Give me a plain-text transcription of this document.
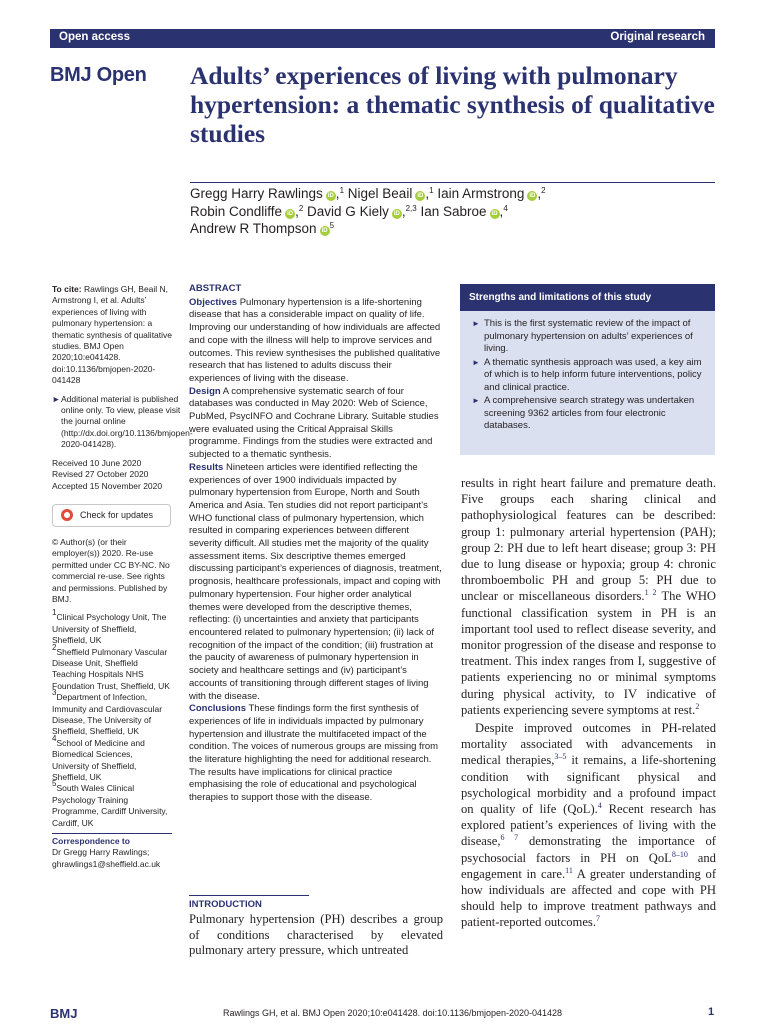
Open access	Original research
BMJ Open Adults’ experiences of living with pulmonary hypertension: a thematic synthesis of qualitative studies
Gregg Harry Rawlings iD ,$^1$ Nigel Beail iD ,$^1$ Iain Armstrong iD ,$^2$
Robin Condliffe iD ,$^2$ David G Kiely iD ,$^{2,3}$ Ian Sabroe iD ,$^4$
Andrew R Thompson $iD^5$

To cite: Rawlings GH, Beail N, Armstrong I, et al. Adults’ experiences of living with pulmonary hypertension: a thematic synthesis of qualitative studies. BMJ Open 2020;10:e041428. doi:10.1136/bmjopen-2020-041428

► Additional material is published online only. To view, please visit the journal online (http://dx.doi.org/10.1136/bmjopen-2020-041428).

Received 10 June 2020

Revised 27 October 2020

Accepted 15 November 2020

Check for updates

© Author(s) (or their employer(s)) 2020. Re-use permitted under CC BY-NC. No commercial re-use. See rights and permissions. Published by BMJ.

$^1$Clinical Psychology Unit, The University of Sheffield, Sheffield, UK

$^2$Sheffield Pulmonary Vascular Disease Unit, Sheffield Teaching Hospitals NHS Foundation Trust, Sheffield, UK

$^3$Department of Infection, Immunity and Cardiovascular Disease, The University of Sheffield, Sheffield, UK

$^4$School of Medicine and Biomedical Sciences, University of Sheffield, Sheffield, UK

$^5$South Wales Clinical Psychology Training Programme, Cardiff University, Cardiff, UK

Correspondence to

Dr Gregg Harry Rawlings;

ghrawlings1@sheffield.ac.uk

ABSTRACT

Objectives Pulmonary hypertension is a life-shortening disease that has a considerable impact on quality of life. Improving our understanding of how individuals are affected and cope with the illness will help to improve services and outcomes. This review synthesises the published qualitative research that has listened to adults discuss their experiences of living with the disease.

Design A comprehensive systematic search of four databases was conducted in May 2020: Web of Science, PubMed, PsycINFO and Cochrane Library. Suitable studies were evaluated using the Critical Appraisal Skills programme. Findings from the studies were extracted and subjected to a thematic synthesis.

Results Nineteen articles were identified reflecting the experiences of over 1900 individuals impacted by pulmonary hypertension from Europe, North and South America and Asia. Ten studies did not report participant’s WHO functional class of pulmonary hypertension, which resulted in comparing experiences between different severity difficult. All studies met the majority of the quality assessment items. Six descriptive themes emerged discussing participant’s experiences of diagnosis, treatment, prognosis, healthcare professionals, impact and coping with pulmonary hypertension. Four higher order analytical themes were developed from the descriptive themes, reflecting: (i) uncertainties and anxiety that participants encountered related to pulmonary hypertension; (ii) lack of recognition of the impact of the condition; (iii) frustration at the paucity of awareness of pulmonary hypertension in society and healthcare settings and (iv) participant’s accounts of transitioning through different stages of living with the disease.

Conclusions These findings form the first synthesis of experiences of life in individuals impacted by pulmonary hypertension and illustrate the multifaceted impact of the condition. The voices of numerous groups are missing from the literature highlighting the need for additional research. The results have implications for clinical practice emphasising the role of educational and psychological therapies to support those with the disease.

INTRODUCTION

Pulmonary hypertension (PH) describes a group of conditions characterised by elevated pulmonary artery pressure, which untreated

Strengths and limitations of this study
► This is the first systematic review of the impact of pulmonary hypertension on adults’ experiences of living.
► A thematic synthesis approach was used, a key aim of which is to help inform future interventions, policy and clinical practice.
► A comprehensive search strategy was undertaken screening 9362 articles from four electronic databases.

results in right heart failure and premature death. Five groups each sharing clinical and pathophysiological features can be described: group 1: pulmonary arterial hypertension (PAH); group 2: PH due to left heart disease; group 3: PH due to lung disease or hypoxia; group 4: chronic thromboembolic PH and group 5: PH due to unclear or miscellaneous disorders.$^{1 2}$ The WHO functional classification system in PH is an important tool used to reflect disease severity, and monitor progression of the disease and response to treatment. This index ranges from I, suggestive of patients experiencing no or minimal symptoms during physical activity, to IV indicative of patients experiencing severe symptoms at rest.$^2$

Despite improved outcomes in PH-related mortality associated with advancements in medical therapies,$^{3-5}$ it remains, a life-shortening condition with significant physical and psychological morbidity and a profound impact on quality of life (QoL).$^4$ Recent research has explored patient’s experiences of living with the disease,$^{6 7}$ demonstrating the importance of psychosocial factors in PH on QoL$^{8-10}$ and engagement in care.$^{11}$ A greater understanding of how individuals are affected and cope with PH should help to improve treatment pathways and patient-reported outcomes.$^7$

BMJ	Rawlings GH, et al. BMJ Open 2020;10:e041428. doi:10.1136/bmjopen-2020-041428	1
